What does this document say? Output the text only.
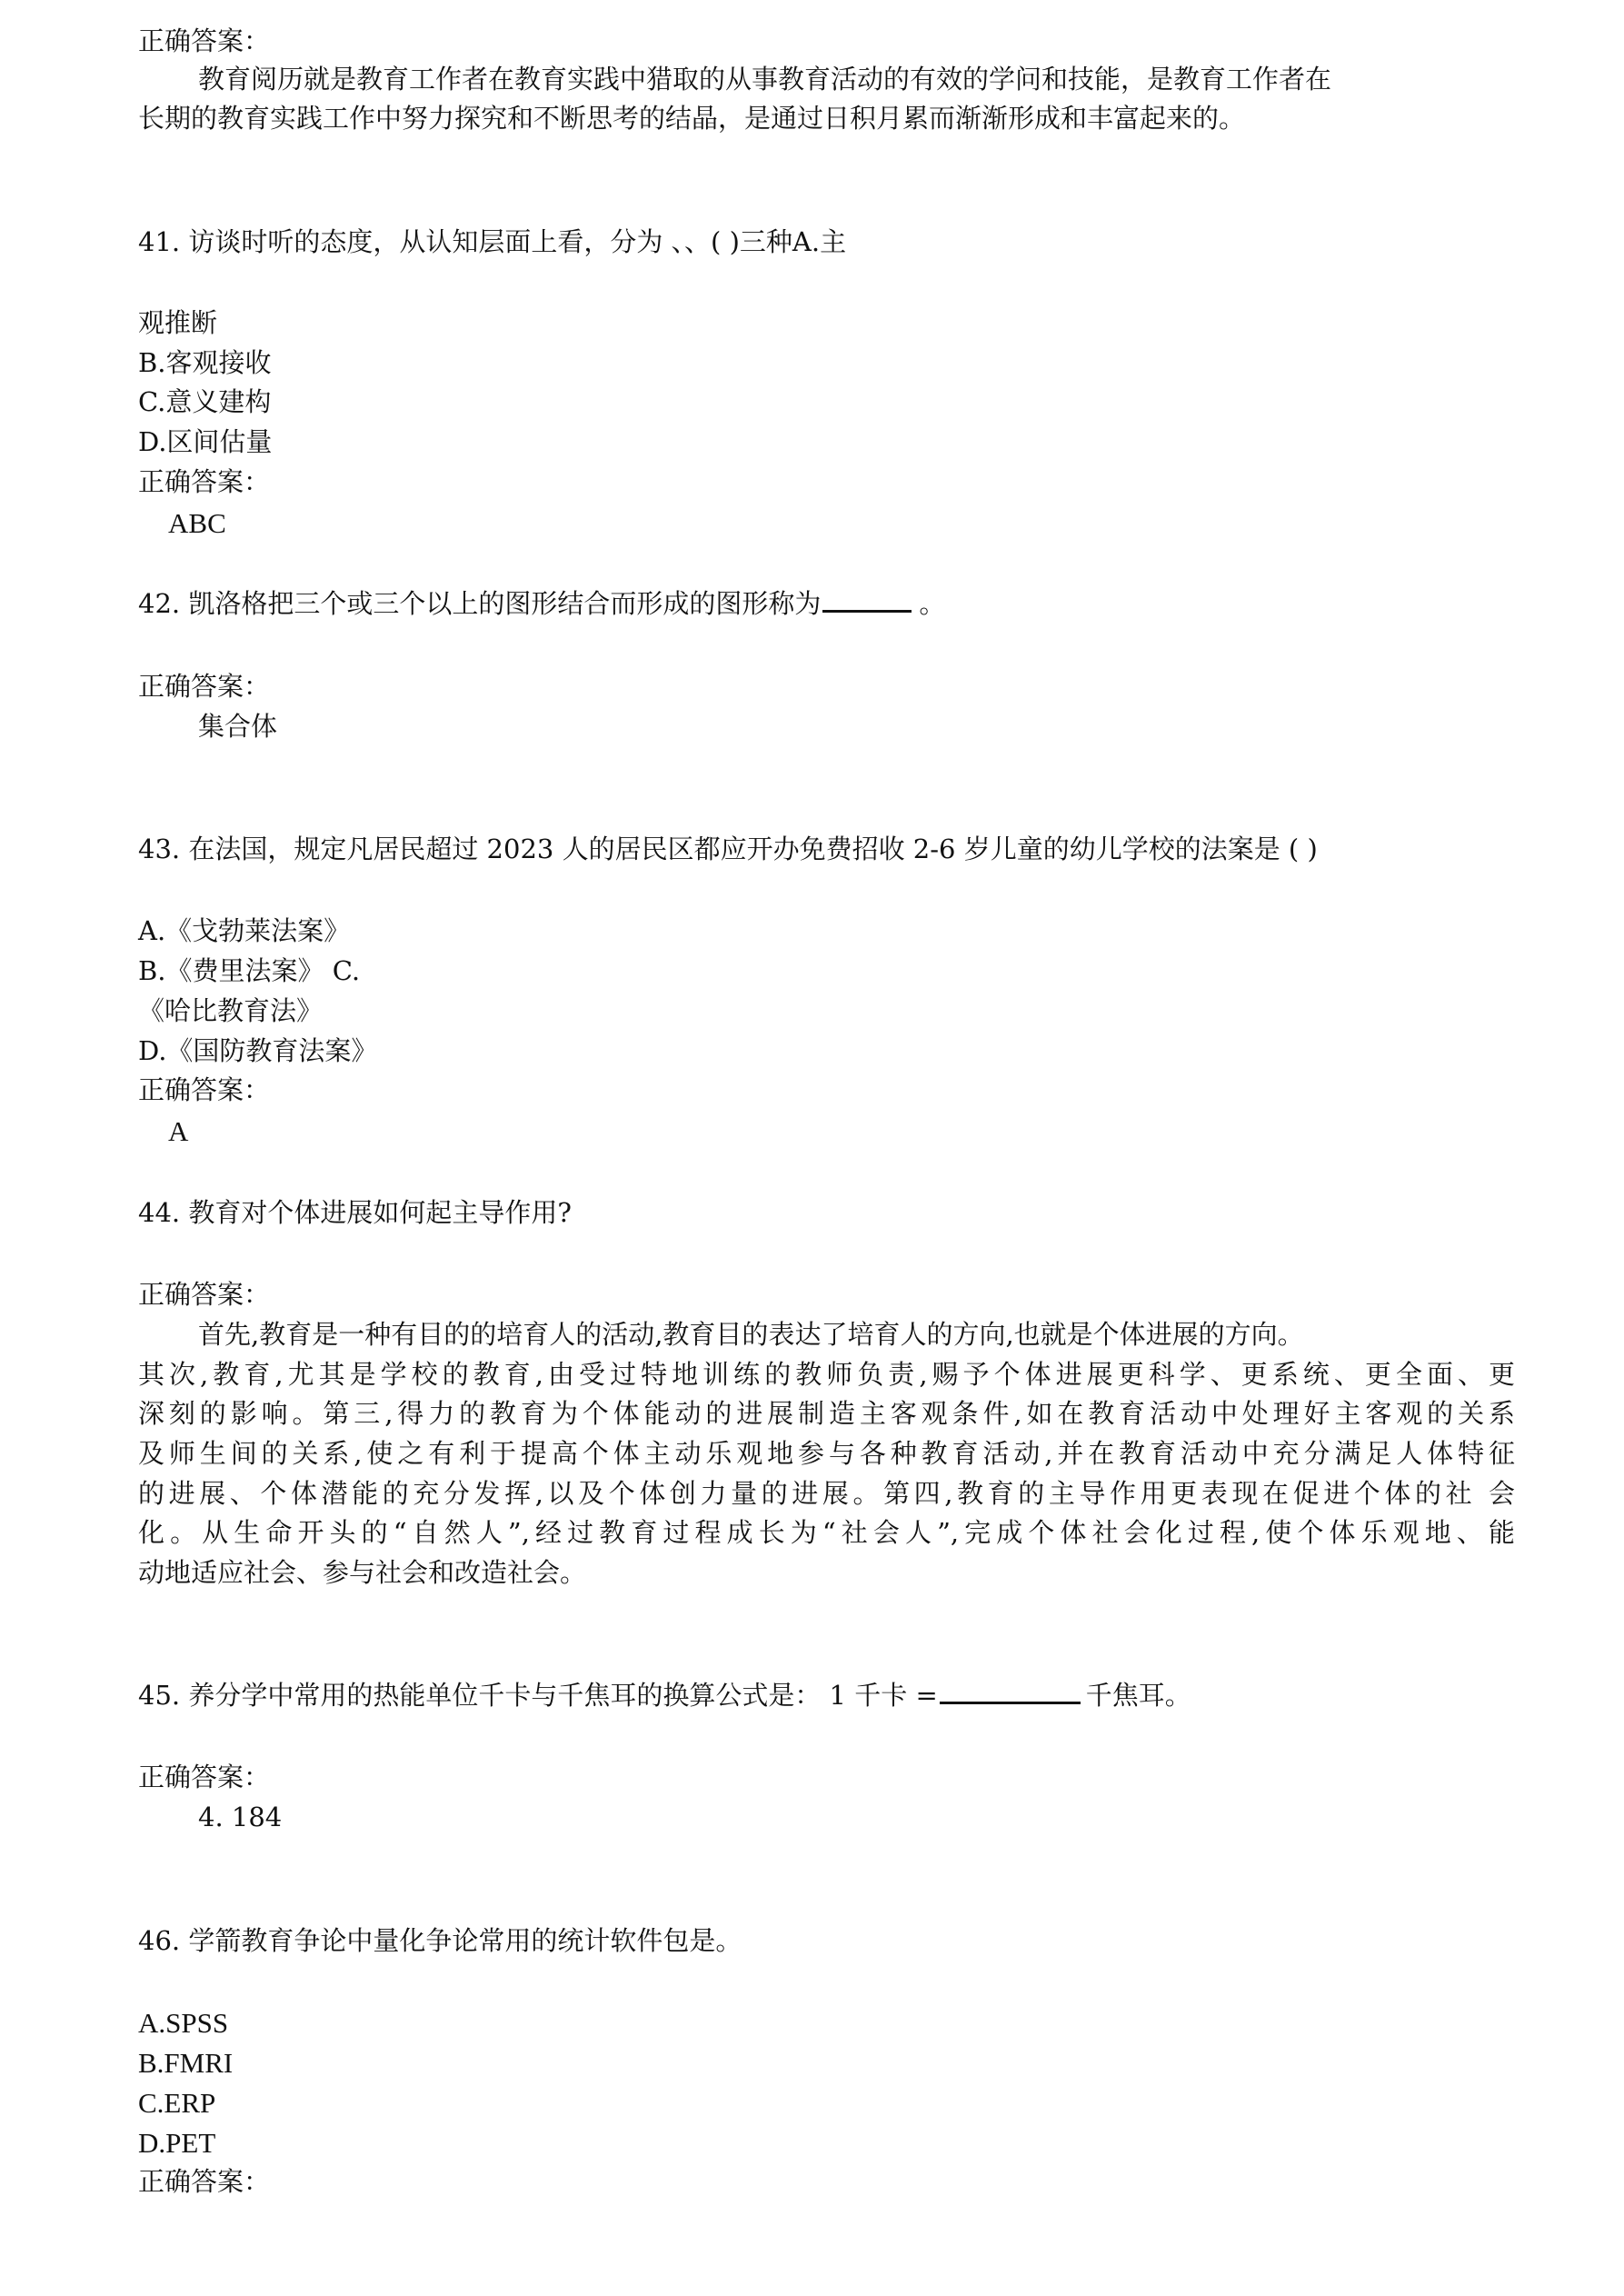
正确答案：
教育阅历就是教育工作者在教育实践中猎取的从事教育活动的有效的学问和技能，是教育工作者在
长期的教育实践工作中努力探究和不断思考的结晶，是通过日积月累而渐渐形成和丰富起来的。
41. 访谈时听的态度，从认知层面上看，分为 、、( )三种A.主
观推断
B.客观接收
C.意义建构
D.区间估量
正确答案：
ABC
42. 凯洛格把三个或三个以上的图形结合而形成的图形称为	。
正确答案：
集合体
43. 在法国，规定凡居民超过 2023 人的居民区都应开办免费招收 2-6 岁儿童的幼儿学校的法案是 ( )
A.《戈勃莱法案》
B.《费里法案》 C.
《哈比教育法》
D.《国防教育法案》
正确答案：
A
44. 教育对个体进展如何起主导作用?
正确答案：
首先,教育是一种有目的的培育人的活动,教育目的表达了培育人的方向,也就是个体进展的方向。
其次,教育,尤其是学校的教育,由受过特地训练的教师负责,赐予个体进展更科学、更系统、更全面、更
深刻的影响。第三,得力的教育为个体能动的进展制造主客观条件,如在教育活动中处理好主客观的关系
及师生间的关系,使之有利于提高个体主动乐观地参与各种教育活动,并在教育活动中充分满足人体特征
的进展、个体潜能的充分发挥,以及个体创力量的进展。第四,教育的主导作用更表现在促进个体的社 会
化。从生命开头的“自然人”,经过教育过程成长为“社会人”,完成个体社会化过程,使个体乐观地、能
动地适应社会、参与社会和改造社会。
45. 养分学中常用的热能单位千卡与千焦耳的换算公式是： 1 千卡 =	千焦耳。
正确答案：
4. 184
46. 学箭教育争论中量化争论常用的统计软件包是。
A.SPSS
B.FMRI
C.ERP
D.PET
正确答案：
